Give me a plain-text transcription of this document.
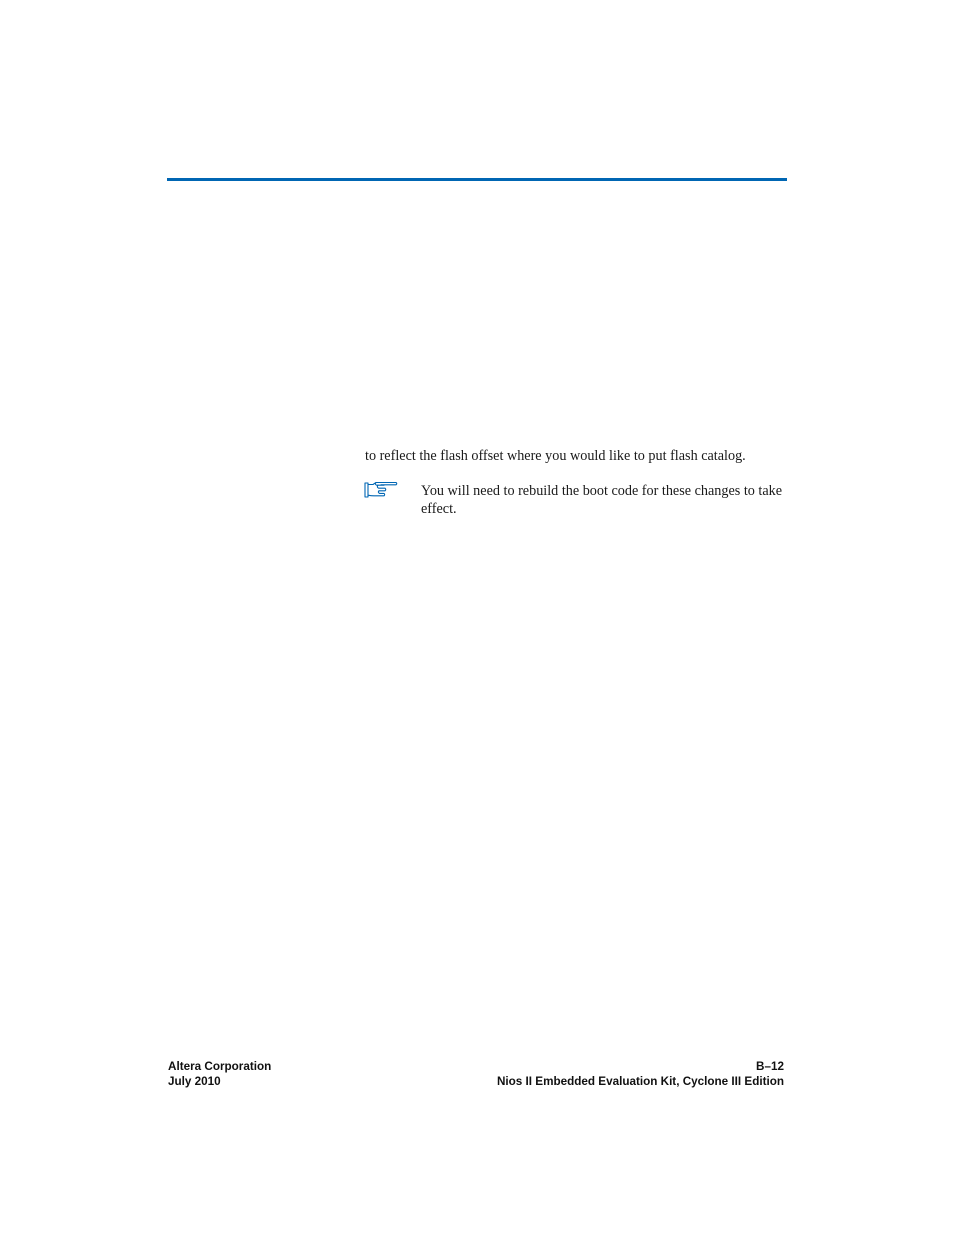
to reflect the flash offset where you would like to put flash catalog.

You will need to rebuild the boot code for these changes to take effect.
Altera Corporation
July 2010
B–12
Nios II Embedded Evaluation Kit, Cyclone III Edition
